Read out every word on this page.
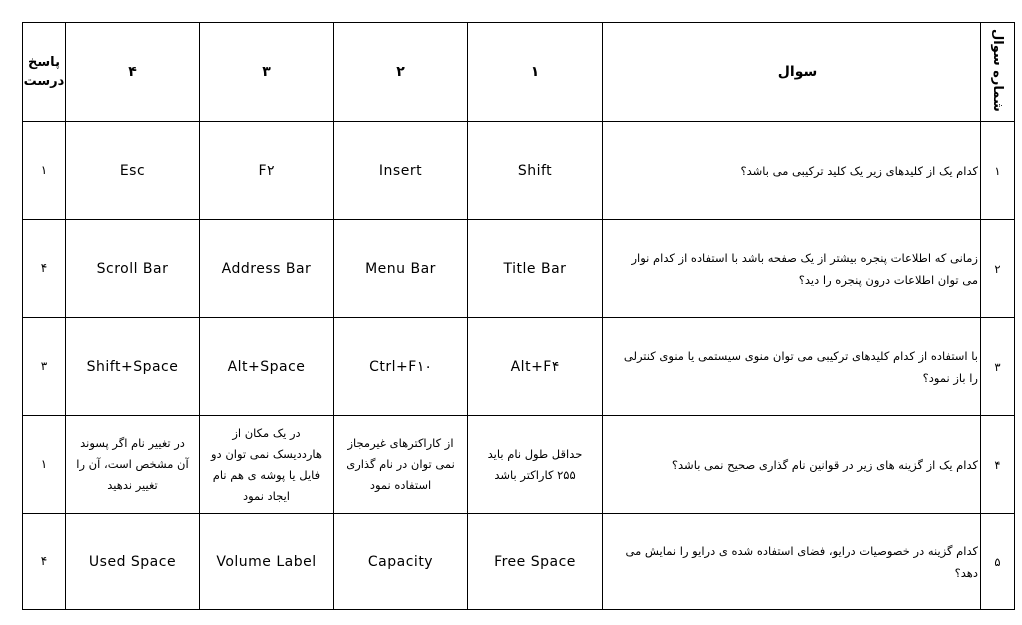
پاسخ درست	۴	۳	۲	۱	سوال	شماره سوال
۱	Esc	F۲	Insert	Shift	کدام یک از کلیدهای زیر یک کلید ترکیبی می باشد؟	۱
۴	Scroll Bar	Address Bar	Menu Bar	Title Bar	زمانی که اطلاعات پنجره بیشتر از یک صفحه باشد با استفاده از کدام نوار می توان اطلاعات درون پنجره را دید؟	۲
۳	Shift+Space	Alt+Space	Ctrl+F۱۰	Alt+F۴	با استفاده از کدام کلیدهای ترکیبی می توان منوی سیستمی یا منوی کنترلی را باز نمود؟	۳
۱	در تغییر نام اگر پسوند آن مشخص است، آن را تغییر ندهید	در یک مکان از هارددیسک نمی توان دو فایل یا پوشه ی هم نام ایجاد نمود	از کاراکترهای غیرمجاز نمی توان در نام گذاری استفاده نمود	حداقل طول نام باید ۲۵۵ کاراکتر باشد	کدام یک از گزینه های زیر در قوانین نام گذاری صحیح نمی باشد؟	۴
۴	Used Space	Volume Label	Capacity	Free Space	کدام گزینه در خصوصیات درایو، فضای استفاده شده ی درایو را نمایش می دهد؟	۵
